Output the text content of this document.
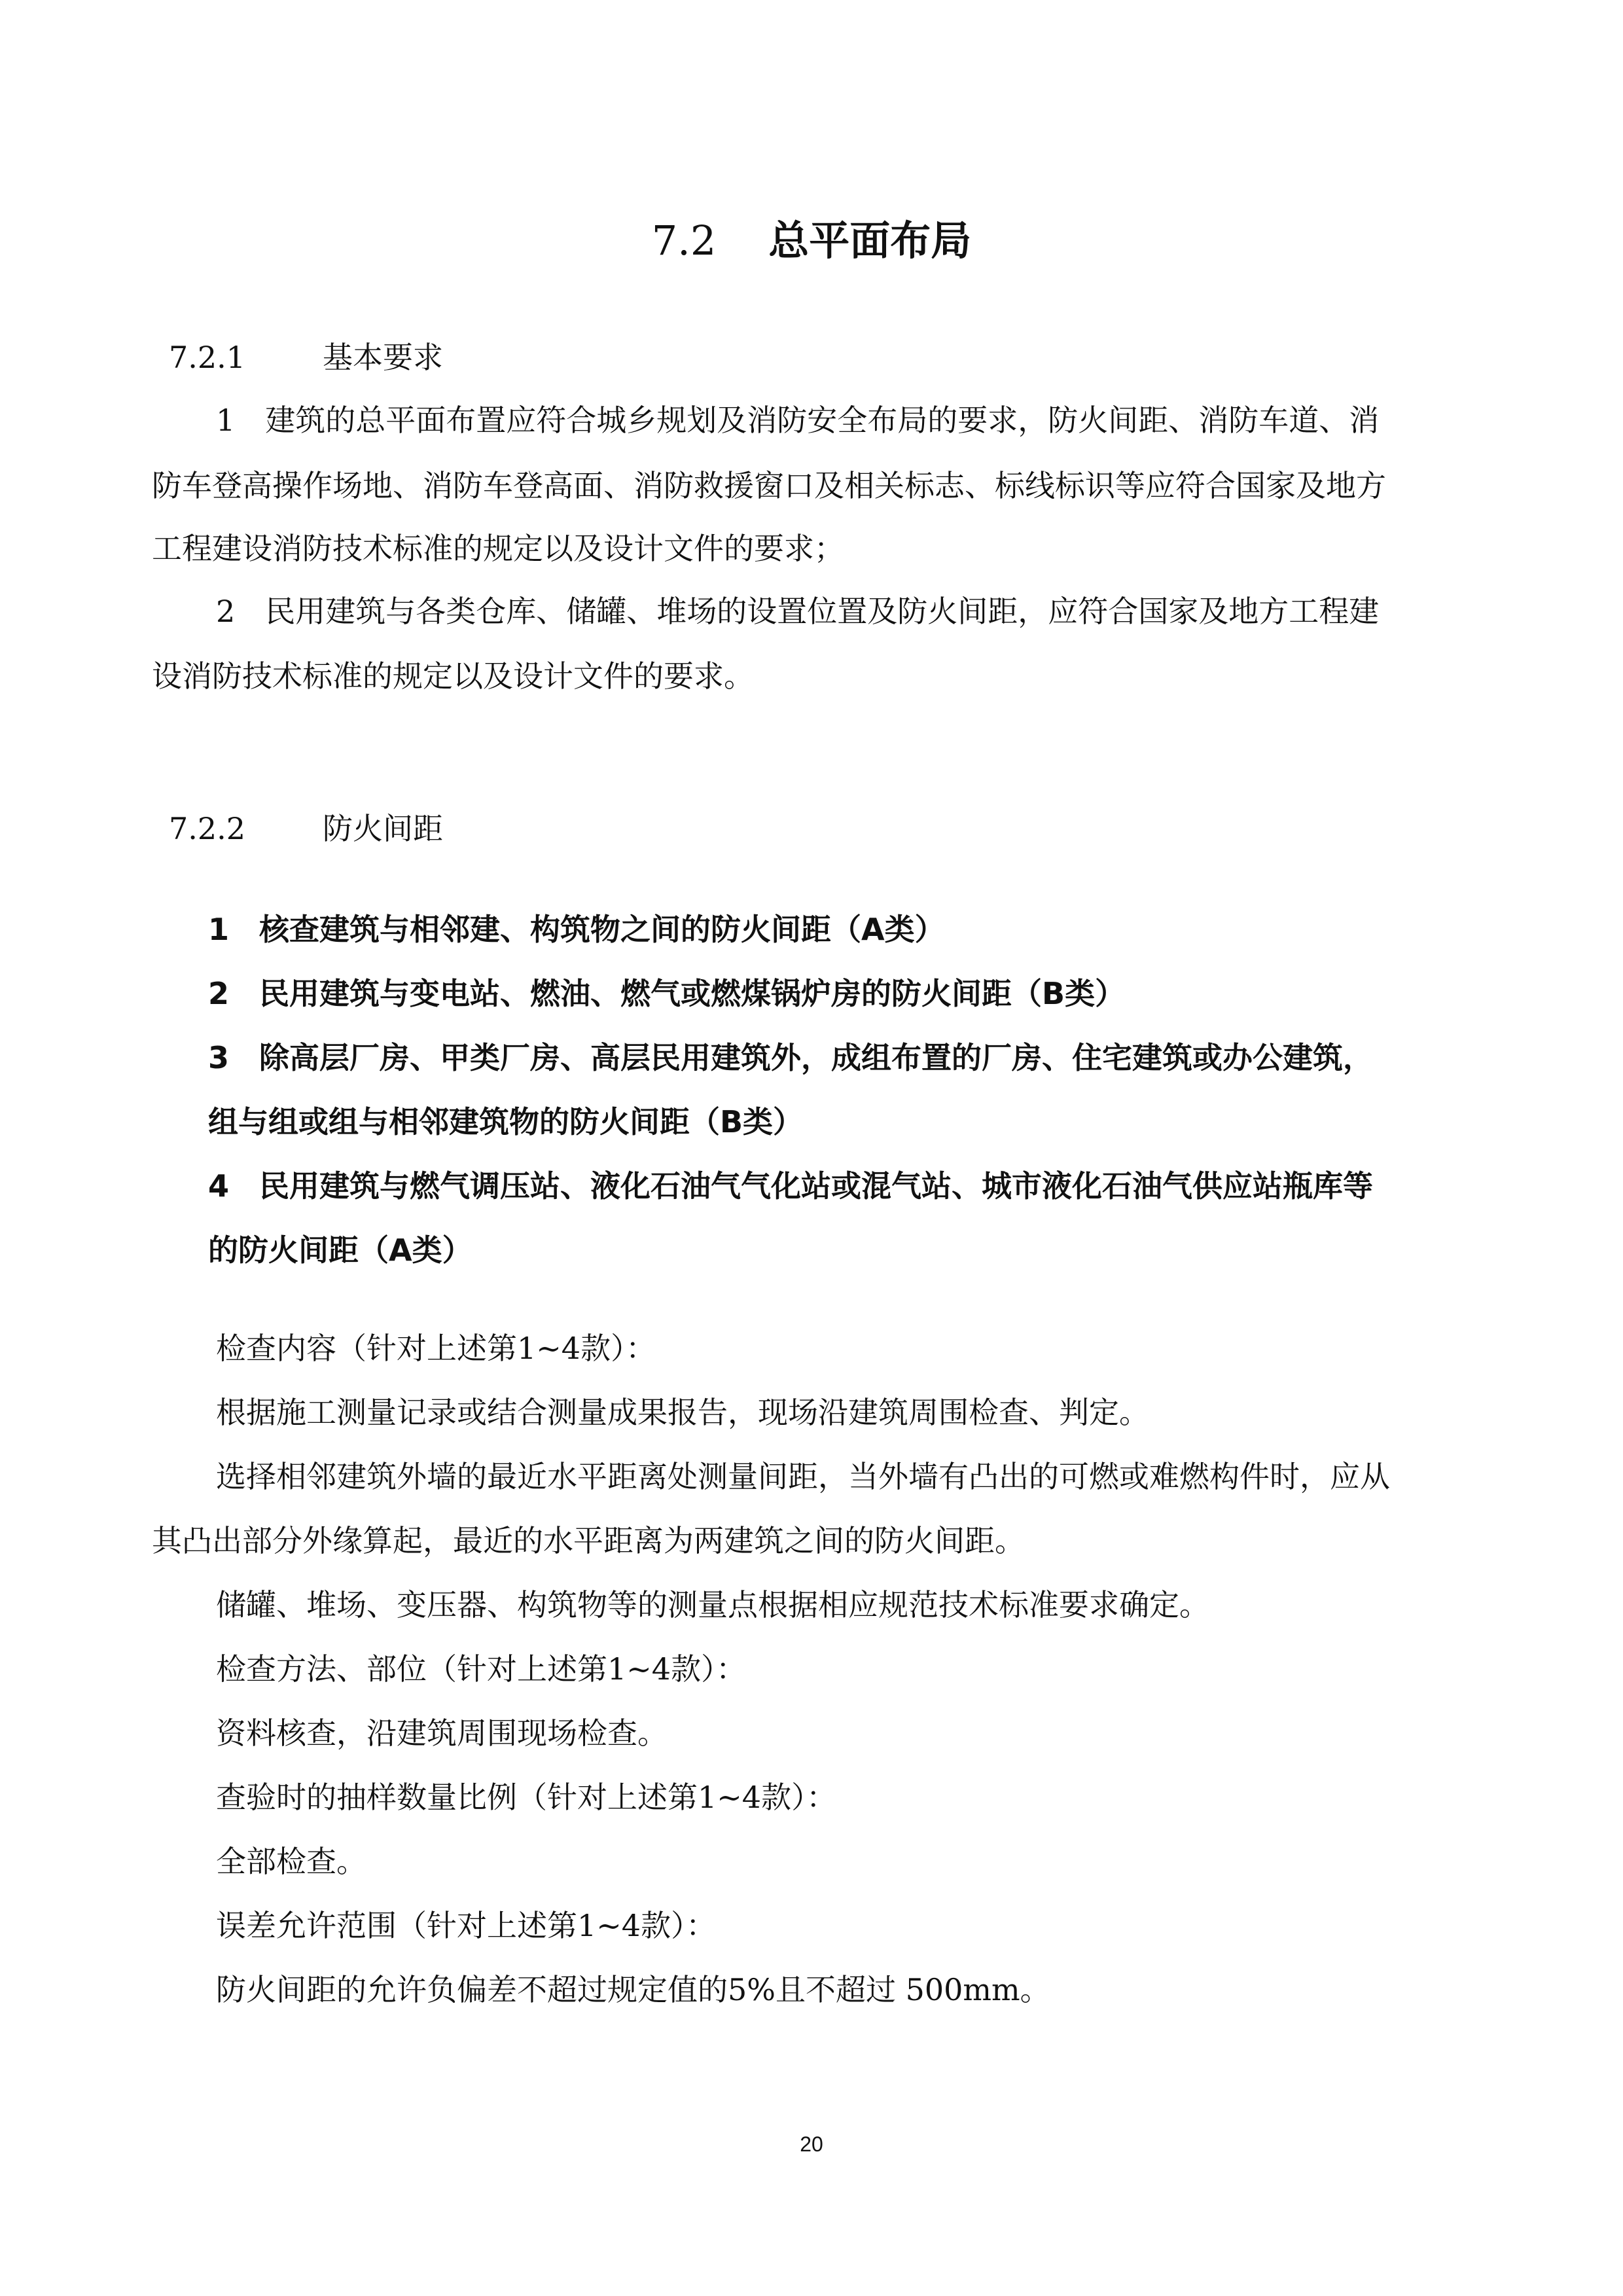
7.2 总平面布局
7.2.1	基本要求
1　建筑的总平面布置应符合城乡规划及消防安全布局的要求，防火间距、消防车道、消
防车登高操作场地、消防车登高面、消防救援窗口及相关标志、标线标识等应符合国家及地方
工程建设消防技术标准的规定以及设计文件的要求；
2　民用建筑与各类仓库、储罐、堆场的设置位置及防火间距，应符合国家及地方工程建
设消防技术标准的规定以及设计文件的要求。
7.2.2	防火间距
1　核查建筑与相邻建、构筑物之间的防火间距（A类）
2　民用建筑与变电站、燃油、燃气或燃煤锅炉房的防火间距（B类）
3　除高层厂房、甲类厂房、高层民用建筑外，成组布置的厂房、住宅建筑或办公建筑，
组与组或组与相邻建筑物的防火间距（B类）
4　民用建筑与燃气调压站、液化石油气气化站或混气站、城市液化石油气供应站瓶库等
的防火间距（A类）
检查内容（针对上述第1~4款）：
根据施工测量记录或结合测量成果报告，现场沿建筑周围检查、判定。
选择相邻建筑外墙的最近水平距离处测量间距，当外墙有凸出的可燃或难燃构件时，应从
其凸出部分外缘算起，最近的水平距离为两建筑之间的防火间距。
储罐、堆场、变压器、构筑物等的测量点根据相应规范技术标准要求确定。
检查方法、部位（针对上述第1~4款）：
资料核查，沿建筑周围现场检查。
查验时的抽样数量比例（针对上述第1~4款）：
全部检查。
误差允许范围（针对上述第1~4款）：
防火间距的允许负偏差不超过规定值的5%且不超过 500mm。
20
